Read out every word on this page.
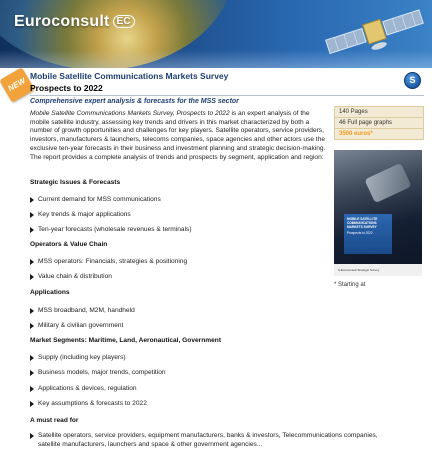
Euroconsult EC
NEW
Mobile Satellite Communications Markets Survey
Prospects to 2022
S
Comprehensive expert analysis & forecasts for the MSS sector
Mobile Satellite Communications Markets Survey, Prospects to 2022 is an expert analysis of the mobile satellite industry, assessing key trends and drivers in this market characterized by both a number of growth opportunities and challenges for key players. Satellite operators, service providers, investors, manufacturers & launchers, telecoms companies, space agencies and other actors use the exclusive ten-year forecasts in their business and investment planning and strategic decision-making.
The report provides a complete analysis of trends and prospects by segment, application and region:
140 Pages
46 Full page graphs
3500 euros*
MOBILE SATELLITE COMMUNICATIONS MARKETS SURVEY
Prospects to 2022
A Euroconsult Strategic Survey
* Starting at
Strategic Issues & Forecasts
Current demand for MSS communications
Key trends & major applications
Ten-year forecasts (wholesale revenues & terminals)
Operators & Value Chain
MSS operators: Financials, strategies & positioning
Value chain & distribution
Applications
MSS broadband, M2M, handheld
Military & civilian government
Market Segments: Maritime, Land, Aeronautical, Government
Supply (including key players)
Business models, major trends, competition
Applications & devices, regulation
Key assumptions & forecasts to 2022
A must read for
Satellite operators, service providers, equipment manufacturers, banks & investors, Telecommunications companies, satellite manufacturers, launchers and space & other government agencies...
